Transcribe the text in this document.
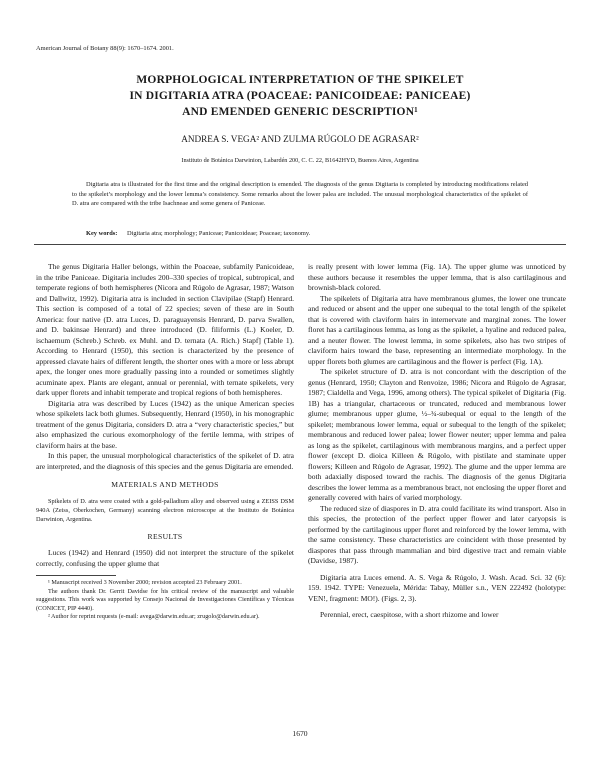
American Journal of Botany 88(9): 1670–1674. 2001.
MORPHOLOGICAL INTERPRETATION OF THE SPIKELET
IN DIGITARIA ATRA (POACEAE: PANICOIDEAE: PANICEAE)
AND EMENDED GENERIC DESCRIPTION¹
ANDREA S. VEGA² AND ZULMA RÚGOLO DE AGRASAR²
Instituto de Botánica Darwinion, Labardén 200, C. C. 22, B1642HYD, Buenos Aires, Argentina
Digitaria atra is illustrated for the first time and the original description is emended. The diagnosis of the genus Digitaria is completed by introducing modifications related to the spikelet’s morphology and the lower lemma’s consistency. Some remarks about the lower palea are included. The unusual morphological characteristics of the spikelet of D. atra are compared with the tribe Isachneae and some genera of Paniceae.
Key words: Digitaria atra; morphology; Paniceae; Panicoideae; Poaceae; taxonomy.

The genus Digitaria Haller belongs, within the Poaceae, subfamily Panicoideae, in the tribe Paniceae. Digitaria includes 200–330 species of tropical, subtropical, and temperate regions of both hemispheres (Nicora and Rúgolo de Agrasar, 1987; Watson and Dallwitz, 1992). Digitaria atra is included in section Clavipilae (Stapf) Henrard. This section is composed of a total of 22 species; seven of these are in South America: four native (D. atra Luces, D. paraguayensis Henrard, D. parva Swallen, and D. bakinsae Henrard) and three introduced (D. filiformis (L.) Koeler, D. ischaemum (Schreb.) Schreb. ex Muhl. and D. ternata (A. Rich.) Stapf] (Table 1). According to Henrard (1950), this section is characterized by the presence of appressed clavate hairs of different length, the shorter ones with a more or less abrupt apex, the longer ones more gradually passing into a rounded or sometimes slightly acuminate apex. Plants are elegant, annual or perennial, with ternate spikelets, very dark upper florets and inhabit temperate and tropical regions of both hemispheres.

Digitaria atra was described by Luces (1942) as the unique American species whose spikelets lack both glumes. Subsequently, Henrard (1950), in his monographic treatment of the genus Digitaria, considers D. atra a “very characteristic species,” but also emphasized the curious exomorphology of the fertile lemma, with stripes of claviform hairs at the base.

In this paper, the unusual morphological characteristics of the spikelet of D. atra are interpreted, and the diagnosis of this species and the genus Digitaria are emended.

MATERIALS AND METHODS

Spikelets of D. atra were coated with a gold-palladium alloy and observed using a ZEISS DSM 940A (Zeiss, Oberkochen, Germany) scanning electron microscope at the Instituto de Botánica Darwinion, Argentina.

RESULTS

Luces (1942) and Henrard (1950) did not interpret the structure of the spikelet correctly, confusing the upper glume that

¹ Manuscript received 3 November 2000; revision accepted 23 February 2001.

The authors thank Dr. Gerrit Davidse for his critical review of the manuscript and valuable suggestions. This work was supported by Consejo Nacional de Investigaciones Científicas y Técnicas (CONICET, PIP 4440).

² Author for reprint requests (e-mail: avega@darwin.edu.ar; zrugolo@darwin.edu.ar).

is really present with lower lemma (Fig. 1A). The upper glume was unnoticed by these authors because it resembles the upper lemma, that is also cartilaginous and brownish-black colored.

The spikelets of Digitaria atra have membranous glumes, the lower one truncate and reduced or absent and the upper one subequal to the total length of the spikelet that is covered with claviform hairs in internervate and marginal zones. The lower floret has a cartilaginous lemma, as long as the spikelet, a hyaline and reduced palea, and a neuter flower. The lowest lemma, in some spikelets, also has two stripes of claviform hairs toward the base, representing an intermediate morphology. In the upper florets both glumes are cartilaginous and the flower is perfect (Fig. 1A).

The spikelet structure of D. atra is not concordant with the description of the genus (Henrard, 1950; Clayton and Renvoize, 1986; Nicora and Rúgolo de Agrasar, 1987; Cialdella and Vega, 1996, among others). The typical spikelet of Digitaria (Fig. 1B) has a triangular, chartaceous or truncated, reduced and membranous lower glume; membranous upper glume, ½–¾-subequal or equal to the length of the spikelet; membranous lower lemma, equal or subequal to the length of the spikelet; membranous and reduced lower palea; lower flower neuter; upper lemma and palea as long as the spikelet, cartilaginous with membranous margins, and a perfect upper flower (except D. dioica Killeen & Rúgolo, with pistilate and staminate upper flowers; Killeen and Rúgolo de Agrasar, 1992). The glume and the upper lemma are both adaxially disposed toward the rachis. The diagnosis of the genus Digitaria describes the lower lemma as a membranous bract, not enclosing the upper floret and generally covered with hairs of varied morphology.

The reduced size of diaspores in D. atra could facilitate its wind transport. Also in this species, the protection of the perfect upper flower and later caryopsis is performed by the cartilaginous upper floret and reinforced by the lower lemma, with the same consistency. These characteristics are coincident with those presented by diaspores that pass through mammalian and bird digestive tract and remain viable (Davidse, 1987).

Digitaria atra Luces emend. A. S. Vega & Rúgolo, J. Wash. Acad. Sci. 32 (6): 159. 1942. TYPE: Venezuela, Mérida: Tabay, Müller s.n., VEN 222492 (holotype: VEN!, fragment: MO!). (Figs. 2, 3).

Perennial, erect, caespitose, with a short rhizome and lower

1670
